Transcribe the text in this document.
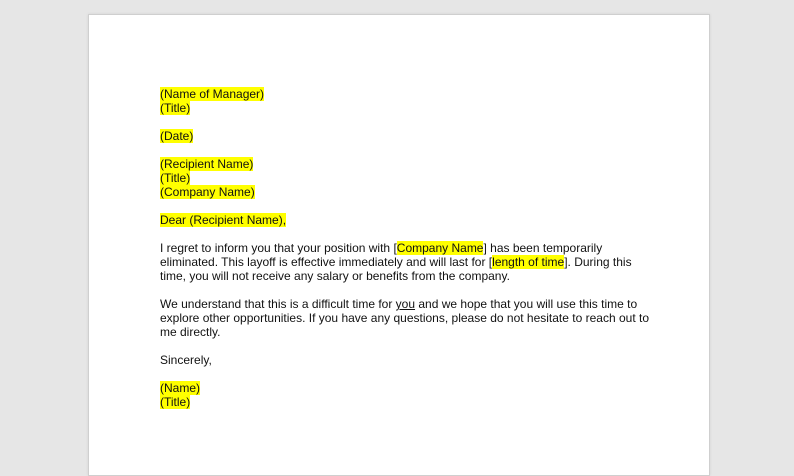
(Name of Manager)
(Title)

(Date)

(Recipient Name)
(Title)
(Company Name)

Dear (Recipient Name),

I regret to inform you that your position with [Company Name] has been temporarily eliminated. This layoff is effective immediately and will last for [length of time]. During this time, you will not receive any salary or benefits from the company.

We understand that this is a difficult time for you and we hope that you will use this time to explore other opportunities. If you have any questions, please do not hesitate to reach out to me directly.

Sincerely,

(Name)
(Title)
